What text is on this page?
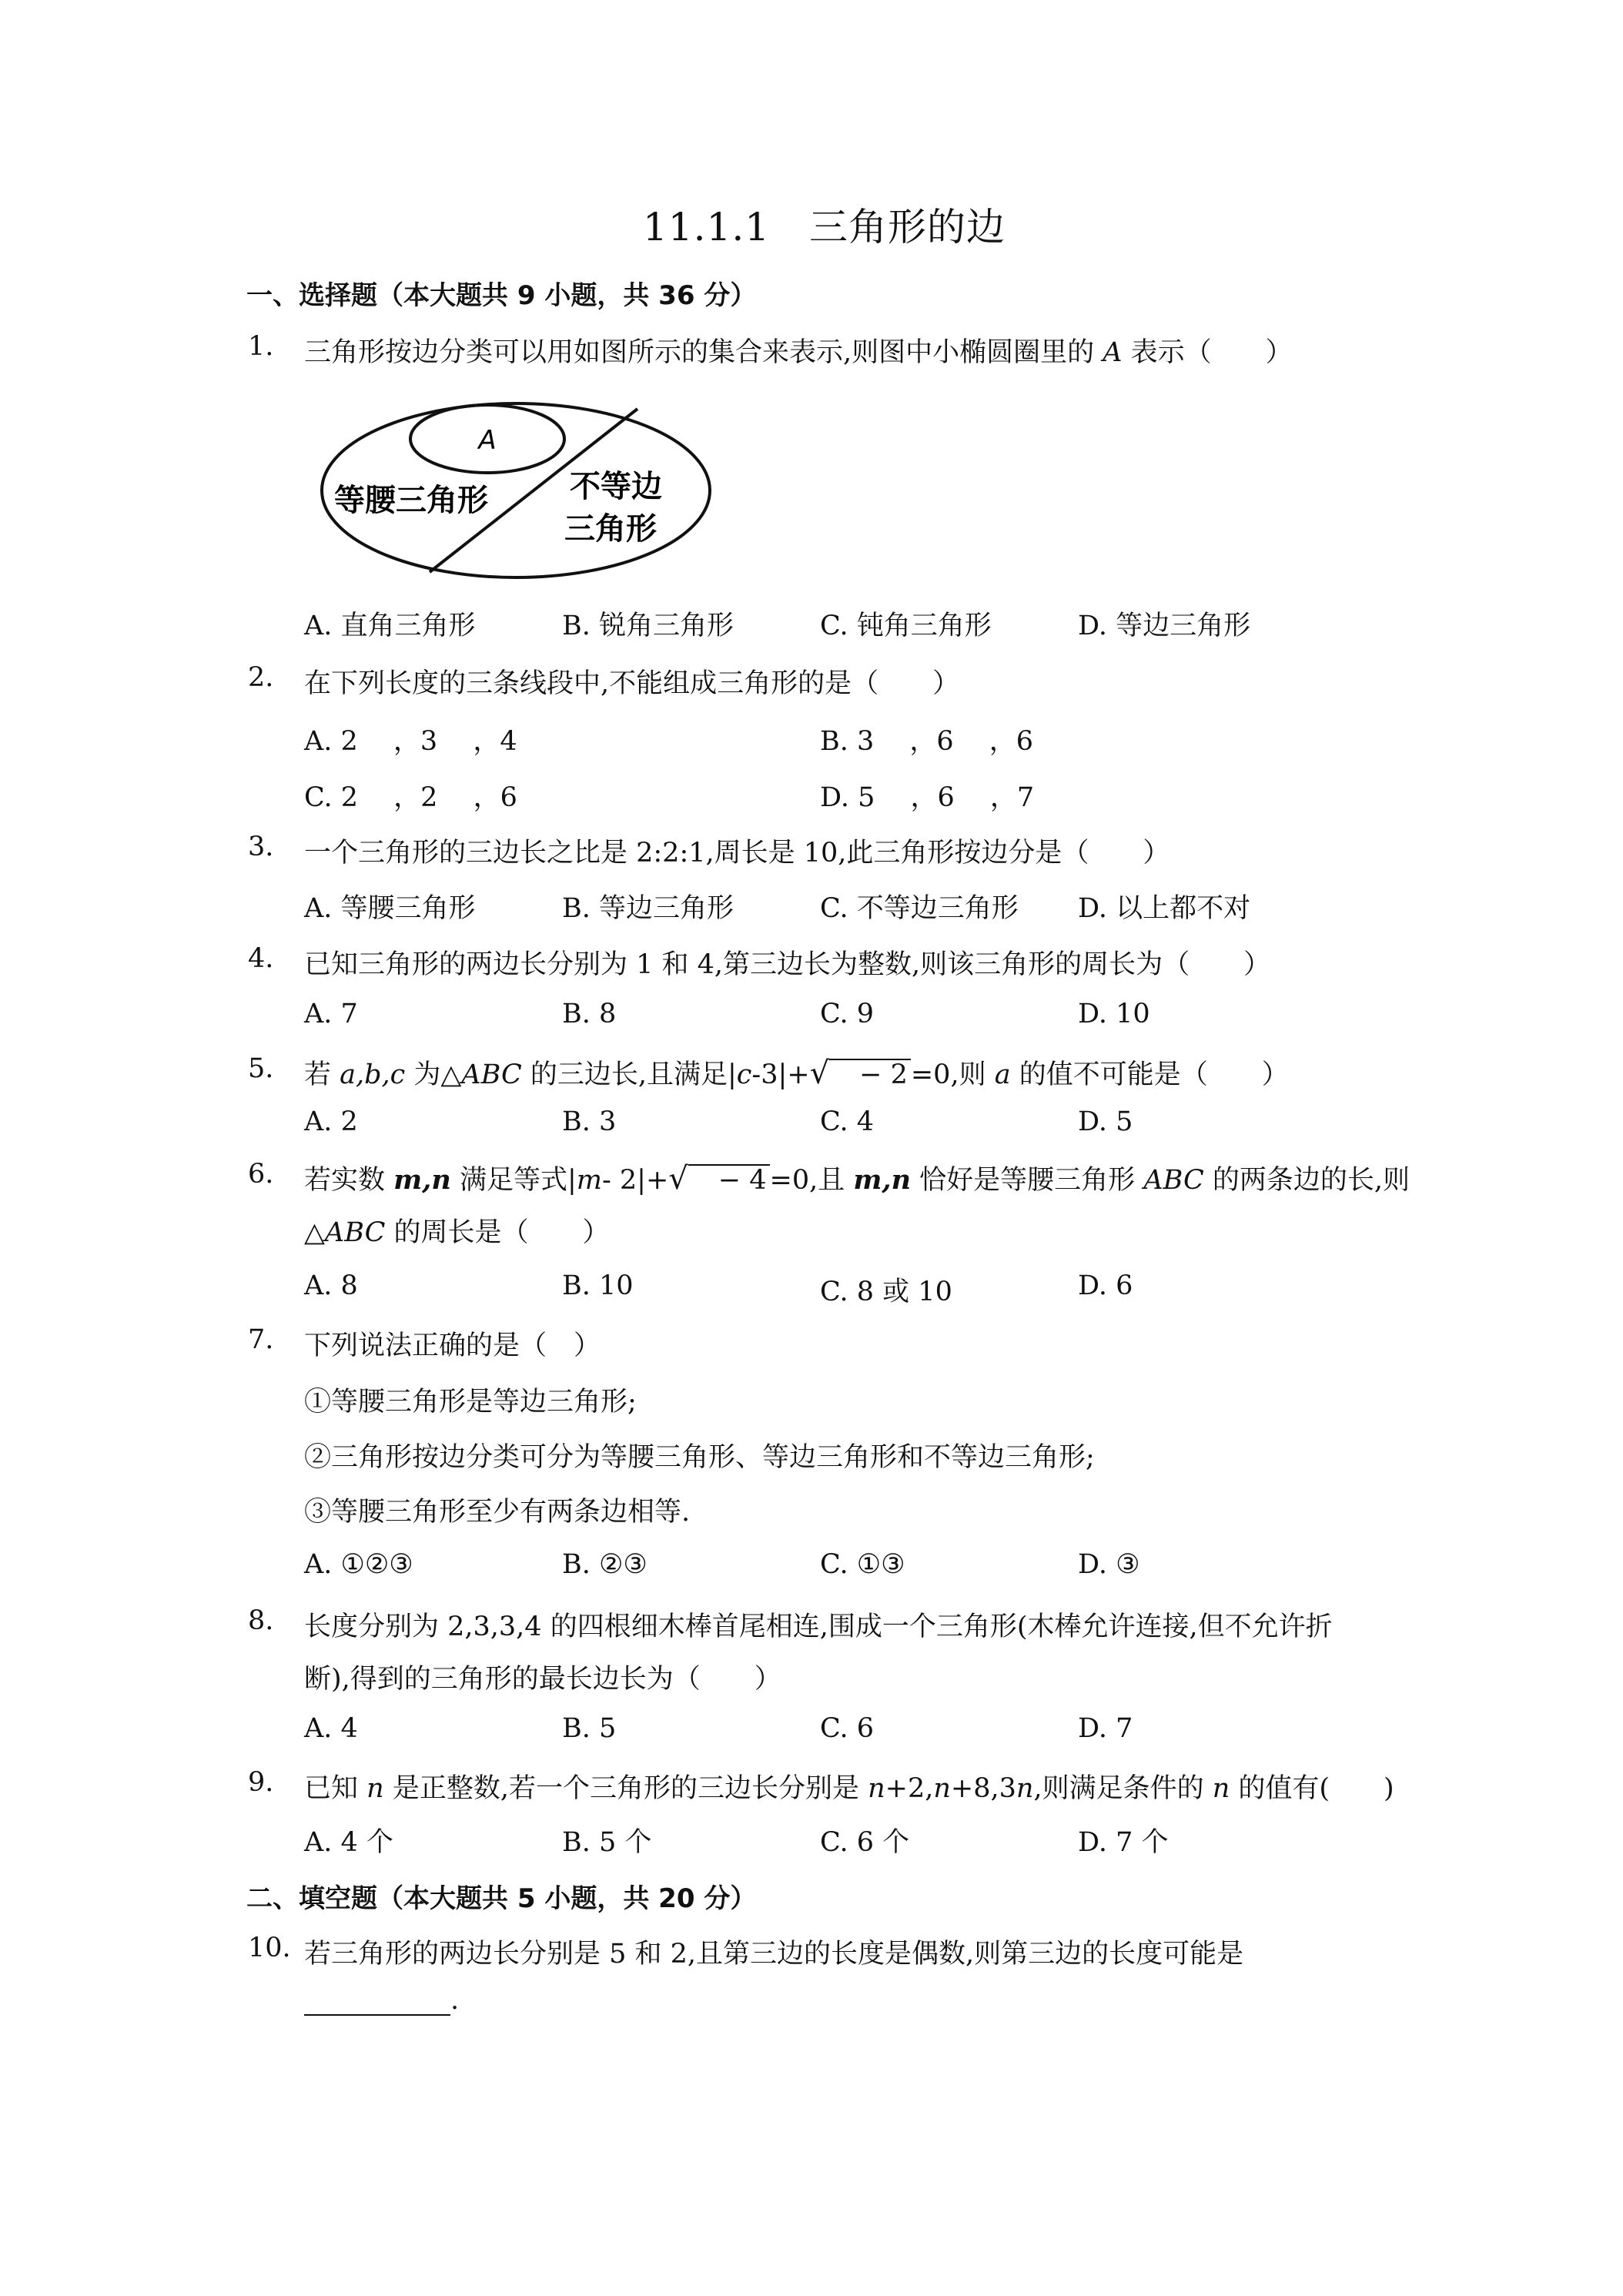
11.1.1　三角形的边
一、选择题（本大题共 9 小题，共 36 分）
1.	三角形按边分类可以用如图所示的集合来表示,则图中小椭圆圈里的 A 表示（　　）
A
等腰三角形	不等边
三角形
A. 直角三角形	B. 锐角三角形	C. 钝角三角形	D. 等边三角形
2.	在下列长度的三条线段中,不能组成三角形的是（　　）
A. 2　 ，3　 ，4	B. 3　 ，6　 ，6
C. 2　 ，2　 ，6	D. 5　 ，6　 ，7
3.	一个三角形的三边长之比是 2:2:1,周长是 10,此三角形按边分是（　　）
A. 等腰三角形	B. 等边三角形	C. 不等边三角形 D. 以上都不对
4.	已知三角形的两边长分别为 1 和 4,第三边长为整数,则该三角形的周长为（　　）
A. 7	B. 8	C. 9	D. 10
5.	若 a,b,c 为△ABC 的三边长,且满足|c-3|+√　− 2 =0,则 a 的值不可能是（　　）
A. 2	B. 3	C. 4	D. 5
6.	若实数 m,n 满足等式|m- 2|+√　− 4 =0,且 m,n 恰好是等腰三角形 ABC 的两条边的长,则
△ABC 的周长是（　　）
A. 8	B. 10	C. 8 或 10	D. 6
7.	下列说法正确的是（　）
①等腰三角形是等边三角形;
②三角形按边分类可分为等腰三角形、等边三角形和不等边三角形;
③等腰三角形至少有两条边相等.
A. ①②③	B. ②③	C. ①③	D. ③
8.	长度分别为 2,3,3,4 的四根细木棒首尾相连,围成一个三角形(木棒允许连接,但不允许折
断),得到的三角形的最长边长为（　　）
A. 4	B. 5	C. 6	D. 7
9.	已知 n 是正整数,若一个三角形的三边长分别是 n+2,n+8,3n,则满足条件的 n 的值有(　　)
A. 4 个	B. 5 个	C. 6 个	D. 7 个
二、填空题（本大题共 5 小题，共 20 分）
10. 若三角形的两边长分别是 5 和 2,且第三边的长度是偶数,则第三边的长度可能是
.
